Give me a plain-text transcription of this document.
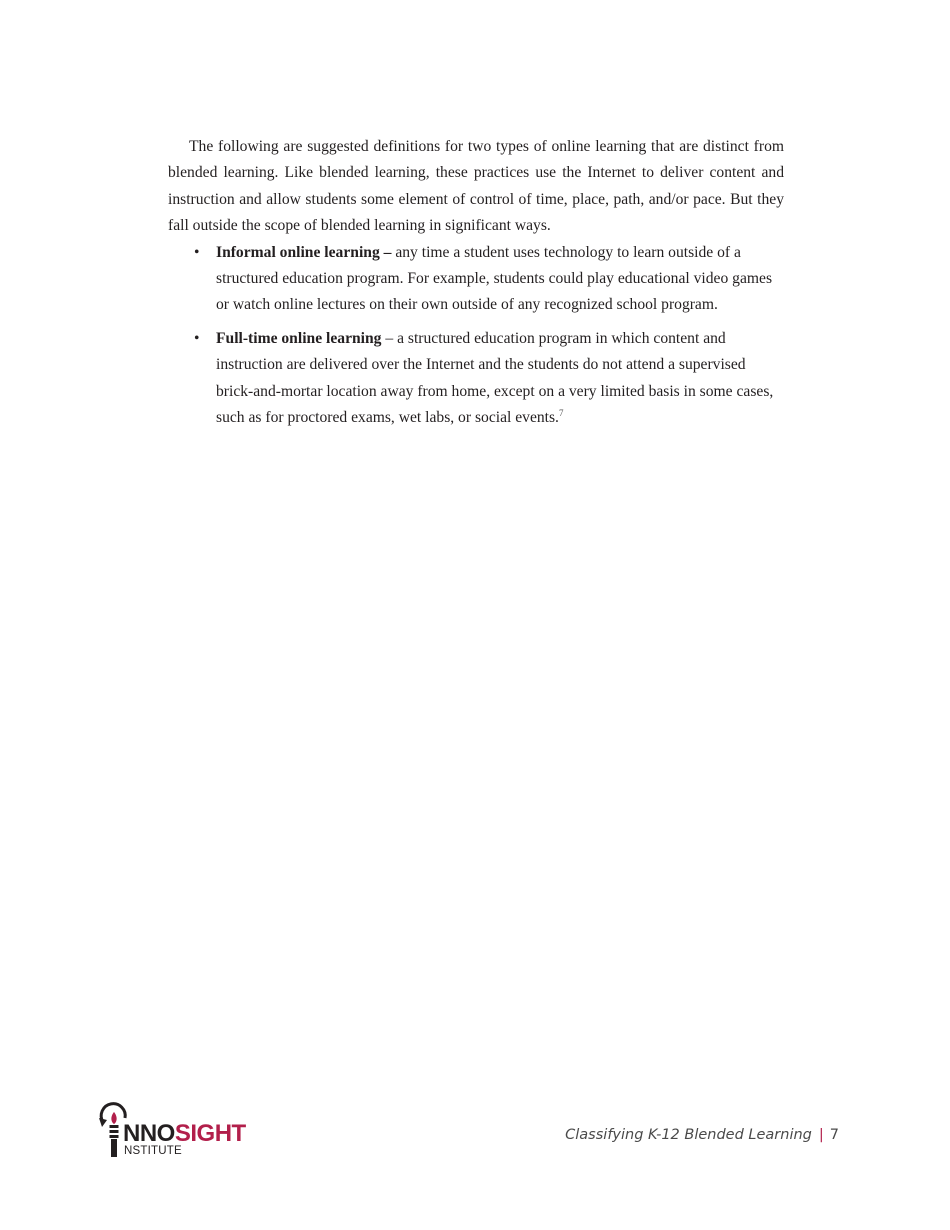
The following are suggested definitions for two types of online learning that are distinct from blended learning. Like blended learning, these practices use the Internet to deliver content and instruction and allow students some element of control of time, place, path, and/or pace. But they fall outside the scope of blended learning in significant ways.

• Informal online learning – any time a student uses technology to learn outside of a structured education program. For example, students could play educational video games or watch online lectures on their own outside of any recognized school program.
• Full-time online learning – a structured education program in which content and instruction are delivered over the Internet and the students do not attend a supervised brick-and-mortar location away from home, except on a very limited basis in some cases, such as for proctored exams, wet labs, or social events.$^7$
NNOSIGHT
NSTITUTE
Classifying K-12 Blended Learning | 7
